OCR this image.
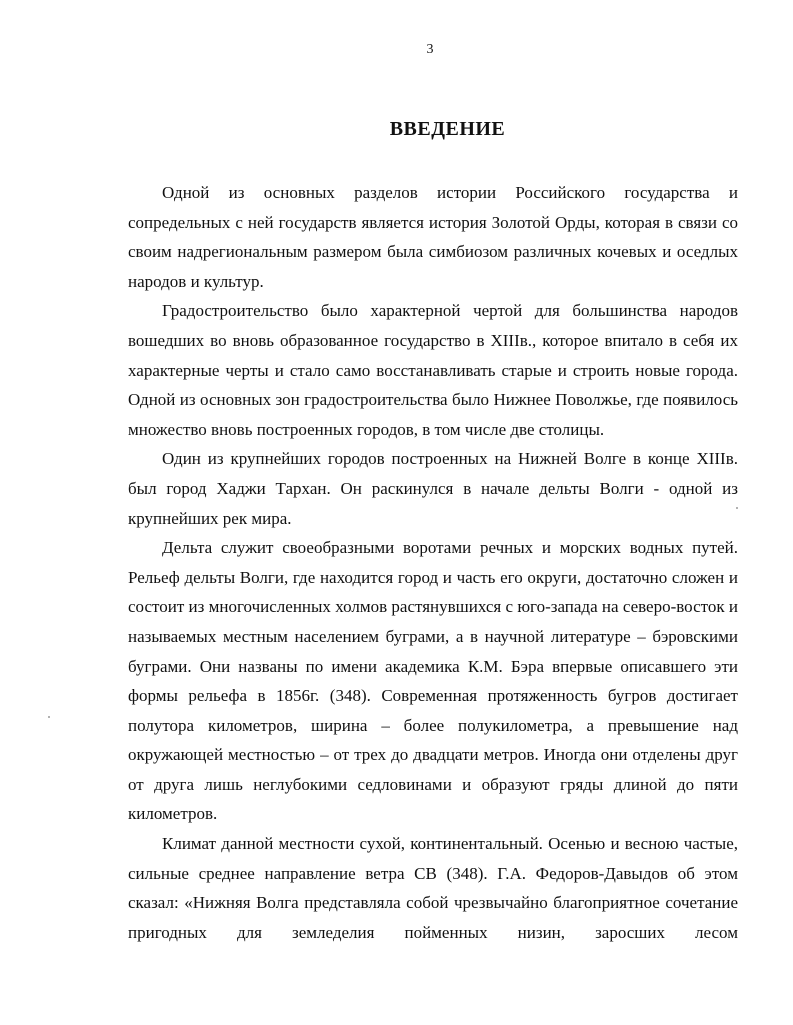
3
ВВЕДЕНИЕ

Одной из основных разделов истории Российского государства и сопредельных с ней государств является история Золотой Орды, которая в связи со своим надрегиональным размером была симбиозом различных кочевых и оседлых народов и культур.

Градостроительство было характерной чертой для большинства народов вошедших во вновь образованное государство в XIIIв., которое впитало в себя их характерные черты и стало само восстанавливать старые и строить новые города. Одной из основных зон градостроительства было Нижнее Поволжье, где появилось множество вновь построенных городов, в том числе две столицы.

Один из крупнейших городов построенных на Нижней Волге в конце XIIIв. был город Хаджи Тархан. Он раскинулся в начале дельты Волги - одной из крупнейших рек мира.

Дельта служит своеобразными воротами речных и морских водных путей. Рельеф дельты Волги, где находится город и часть его округи, достаточно сложен и состоит из многочисленных холмов растянувшихся с юго-запада на северо-восток и называемых местным населением буграми, а в научной литературе – бэровскими буграми. Они названы по имени академика К.М. Бэра впервые описавшего эти формы рельефа в 1856г. (348). Современная протяженность бугров достигает полутора километров, ширина – более полукилометра, а превышение над окружающей местностью – от трех до двадцати метров. Иногда они отделены друг от друга лишь неглубокими седловинами и образуют гряды длиной до пяти километров.

Климат данной местности сухой, континентальный. Осенью и весною частые, сильные среднее направление ветра СВ (348). Г.А. Федоров-Давыдов об этом сказал: «Нижняя Волга представляла собой чрезвычайно благоприятное сочетание пригодных для земледелия пойменных низин, заросших лесом
